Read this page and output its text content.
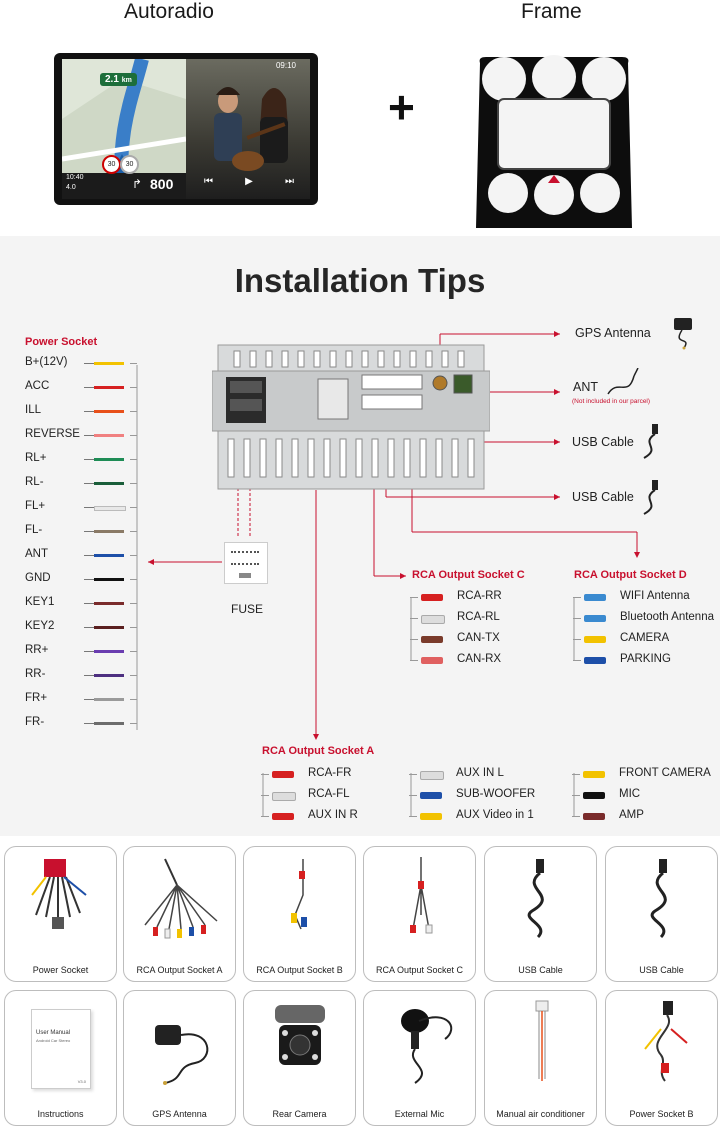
Autoradio	Frame
+
2.1 km
10:40
4.0
30	30
↱ 800
09:10
⏮	▶	⏭
Installation Tips
Power Socket
B+(12V)
ACC
ILL
REVERSE
RL+
RL-
FL+
FL-
ANT
GND
KEY1
KEY2
RR+
RR-
FR+
FR-
FUSE
GPS Antenna
ANT
(Not included in our parcel)
USB Cable
USB Cable
RCA Output Socket C
RCA-RR
RCA-RL
CAN-TX
CAN-RX
RCA Output Socket D
WIFI Antenna
Bluetooth Antenna
CAMERA
PARKING
RCA Output Socket A
RCA-FR
RCA-FL
AUX IN R
AUX IN L
SUB-WOOFER
AUX Video in 1
FRONT CAMERA
MIC
AMP
Power Socket	RCA Output Socket A	RCA Output Socket B	RCA Output Socket C	USB Cable	USB Cable
User Manual
Android Car Stereo
V3.0
Instructions	GPS Antenna	Rear Camera	External Mic	Manual air conditioner	Power Socket B
